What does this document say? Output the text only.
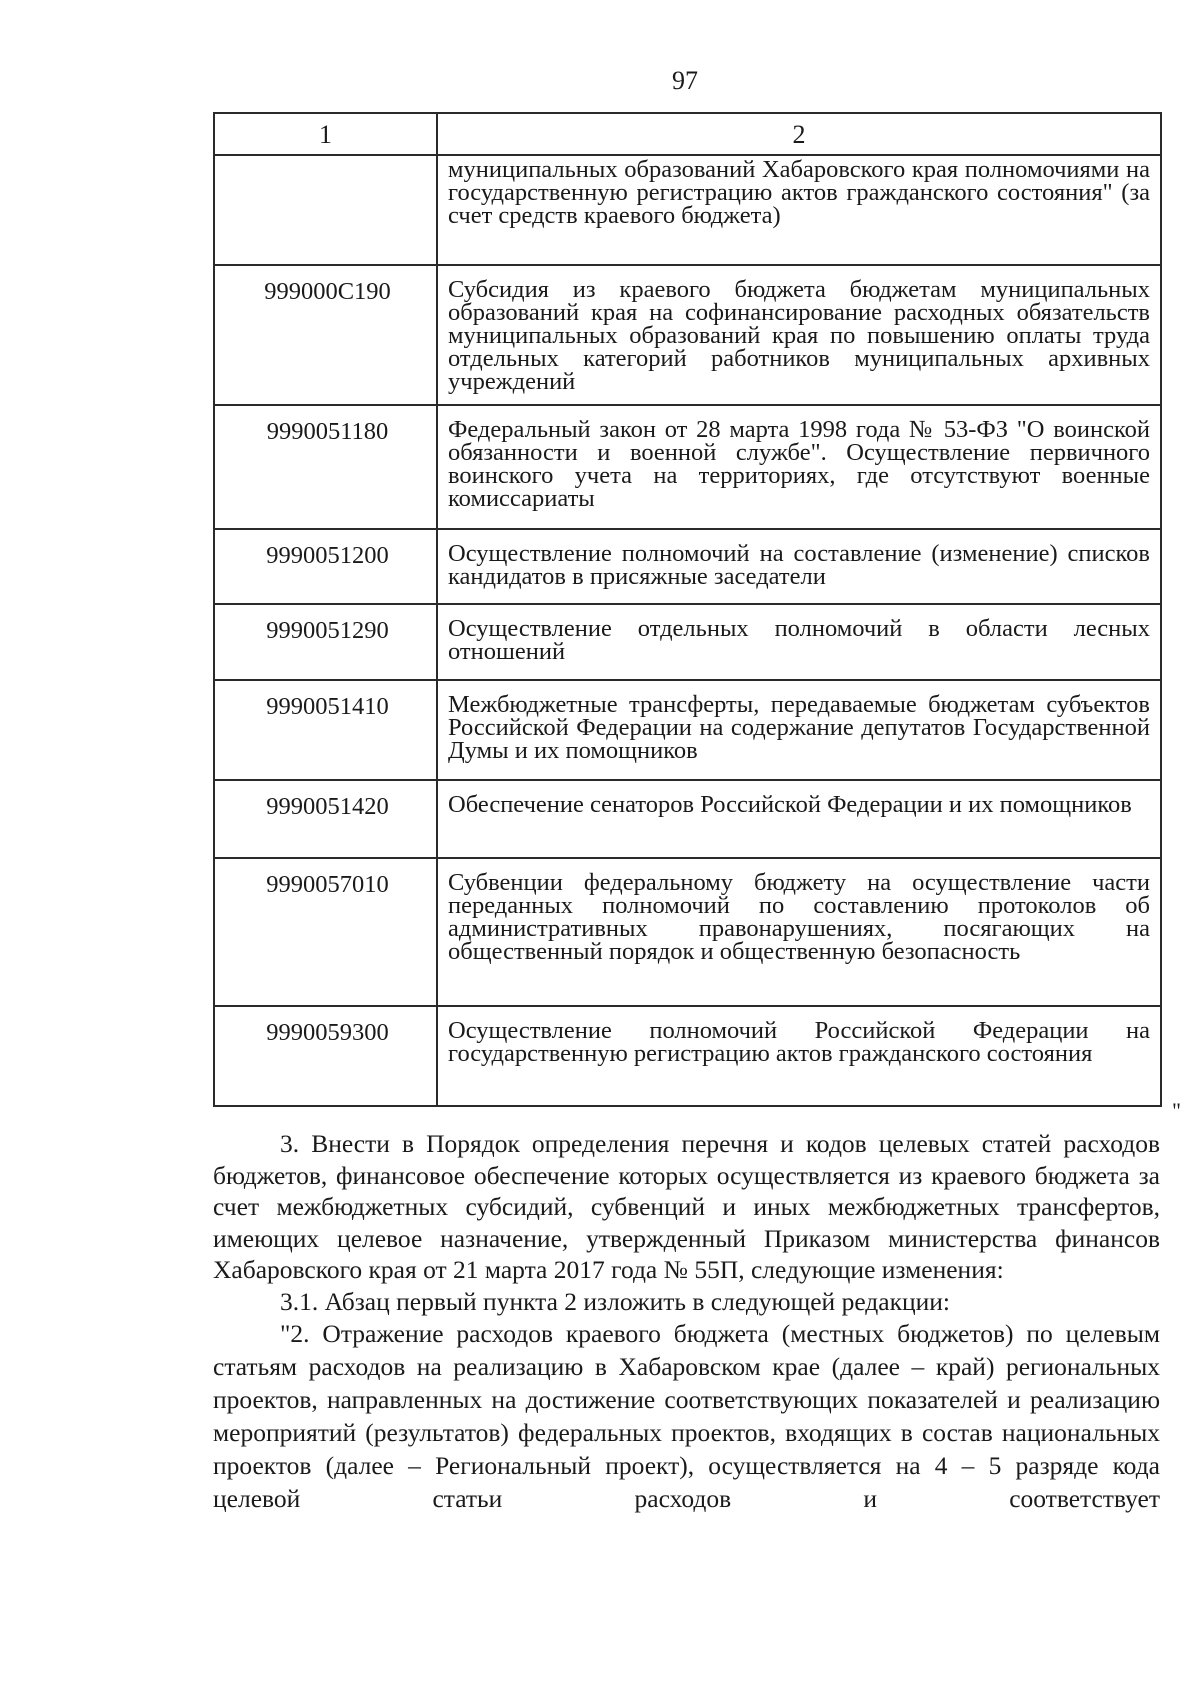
97
1	2
	муниципальных образований Хабаровского края полномочиями на государственную регистрацию актов гражданского состояния" (за счет средств краевого бюджета)
999000С190	Субсидия из краевого бюджета бюджетам муниципальных образований края на софинансирование расходных обязательств муниципальных образований края по повышению оплаты труда отдельных категорий работников муниципальных архивных учреждений
9990051180	Федеральный закон от 28 марта 1998 года № 53-ФЗ "О воинской обязанности и военной службе". Осуществление первичного воинского учета на территориях, где отсутствуют военные комиссариаты
9990051200	Осуществление полномочий на составление (изменение) списков кандидатов в присяжные заседатели
9990051290	Осуществление отдельных полномочий в области лесных отношений
9990051410	Межбюджетные трансферты, передаваемые бюджетам субъектов Российской Федерации на содержание депутатов Государственной Думы и их помощников
9990051420	Обеспечение сенаторов Российской Федерации и их помощников
9990057010	Субвенции федеральному бюджету на осуществление части переданных полномочий по составлению протоколов об административных правонарушениях, посягающих на общественный порядок и общественную безопасность
9990059300	Осуществление полномочий Российской Федерации на государственную регистрацию актов гражданского состояния
"

3. Внести в Порядок определения перечня и кодов целевых статей расходов бюджетов, финансовое обеспечение которых осуществляется из краевого бюджета за счет межбюджетных субсидий, субвенций и иных межбюджетных трансфертов, имеющих целевое назначение, утвержденный Приказом министерства финансов Хабаровского края от 21 марта 2017 года № 55П, следующие изменения:

3.1. Абзац первый пункта 2 изложить в следующей редакции:

"2. Отражение расходов краевого бюджета (местных бюджетов) по целевым статьям расходов на реализацию в Хабаровском крае (далее – край) региональных проектов, направленных на достижение соответствующих показателей и реализацию мероприятий (результатов) федеральных проектов, входящих в состав национальных проектов (далее – Региональный проект), осуществляется на 4 – 5 разряде кода целевой статьи расходов и соответствует
